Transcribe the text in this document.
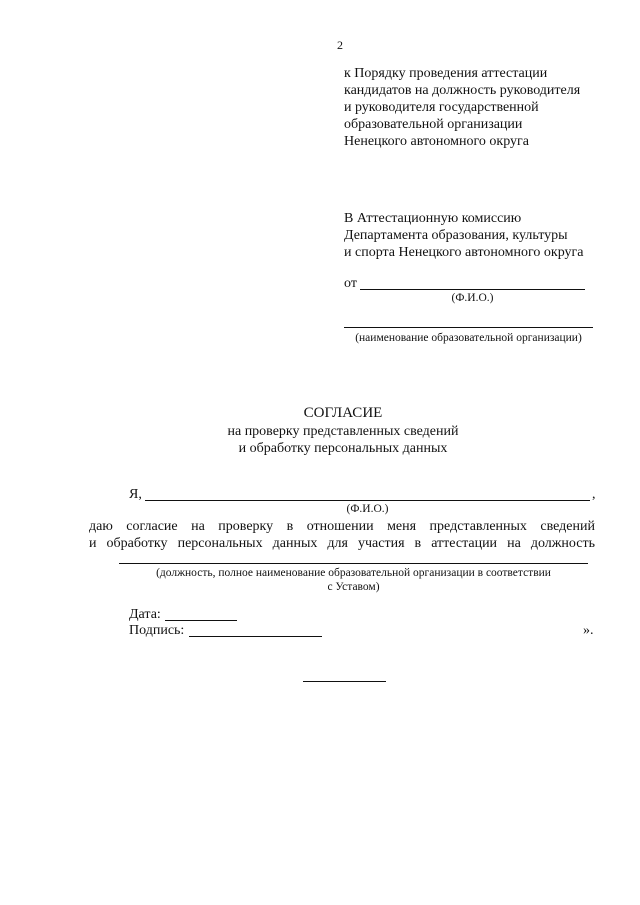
2
к Порядку проведения аттестации
кандидатов на должность руководителя
и руководителя государственной
образовательной организации
Ненецкого автономного округа
В Аттестационную комиссию
Департамента образования, культуры
и спорта Ненецкого автономного округа
от
(Ф.И.О.)
(наименование образовательной организации)
СОГЛАСИЕ
на проверку представленных сведений
и обработку персональных данных
Я,	,
(Ф.И.О.)
даю согласие на проверку в отношении меня представленных сведений
и обработку персональных данных для участия в аттестации на должность
(должность, полное наименование образовательной организации в соответствии
с Уставом)
Дата:
Подпись:	».
